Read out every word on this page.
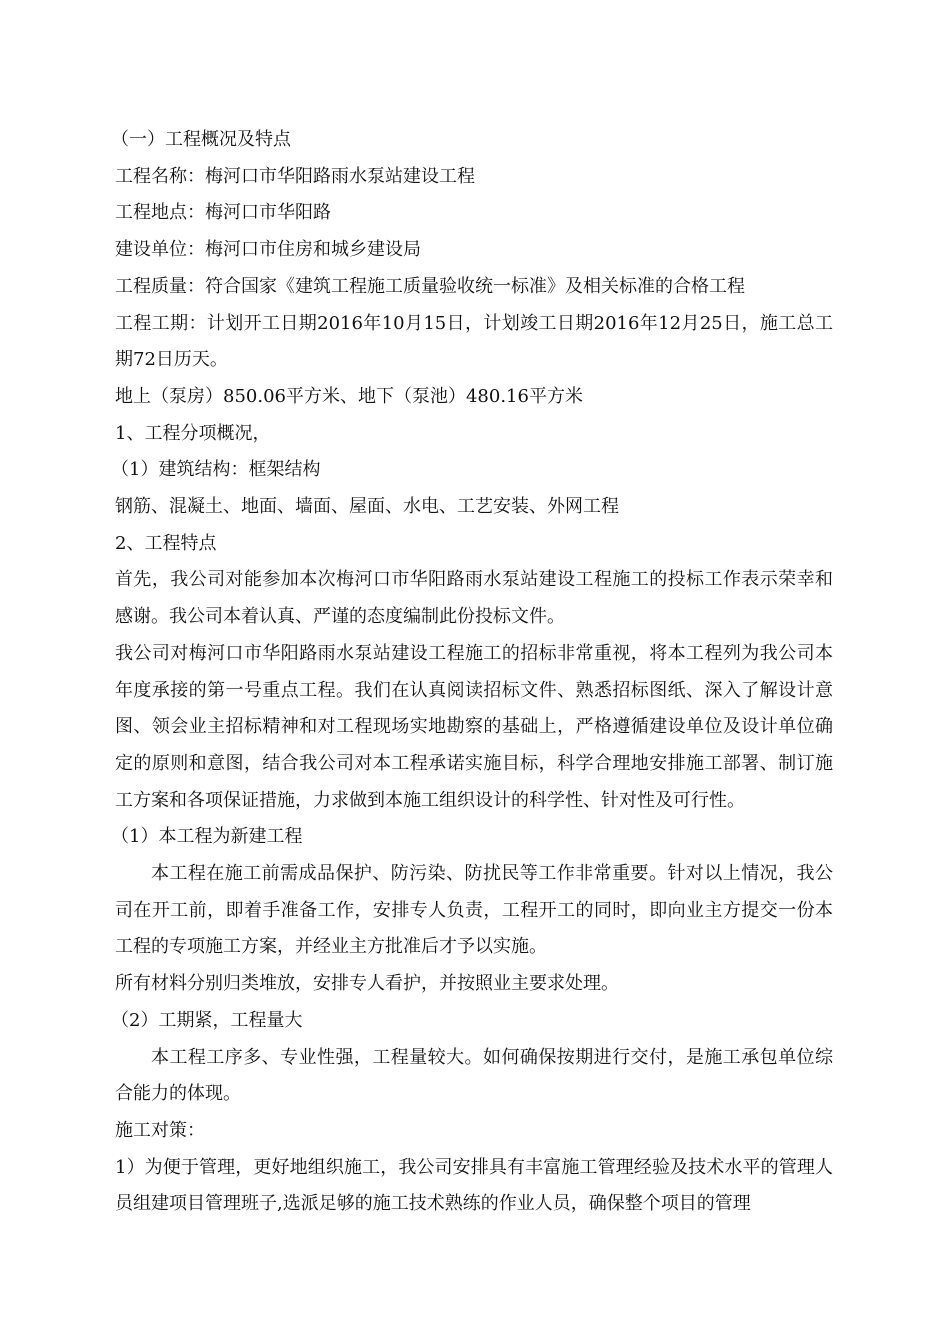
（一）工程概况及特点

工程名称：梅河口市华阳路雨水泵站建设工程

工程地点：梅河口市华阳路

建设单位：梅河口市住房和城乡建设局

工程质量：符合国家《建筑工程施工质量验收统一标准》及相关标准的合格工程

工程工期：计划开工日期2016年10月15日，计划竣工日期2016年12月25日，施工总工期72日历天。

地上（泵房）850.06平方米、地下（泵池）480.16平方米

1、工程分项概况，

（1）建筑结构：框架结构

钢筋、混凝土、地面、墙面、屋面、水电、工艺安装、外网工程

2、工程特点

首先，我公司对能参加本次梅河口市华阳路雨水泵站建设工程施工的投标工作表示荣幸和感谢。我公司本着认真、严谨的态度编制此份投标文件。

我公司对梅河口市华阳路雨水泵站建设工程施工的招标非常重视，将本工程列为我公司本年度承接的第一号重点工程。我们在认真阅读招标文件、熟悉招标图纸、深入了解设计意图、领会业主招标精神和对工程现场实地勘察的基础上，严格遵循建设单位及设计单位确定的原则和意图，结合我公司对本工程承诺实施目标，科学合理地安排施工部署、制订施工方案和各项保证措施，力求做到本施工组织设计的科学性、针对性及可行性。

（1）本工程为新建工程

本工程在施工前需成品保护、防污染、防扰民等工作非常重要。针对以上情况，我公司在开工前，即着手准备工作，安排专人负责，工程开工的同时，即向业主方提交一份本工程的专项施工方案，并经业主方批准后才予以实施。

所有材料分别归类堆放，安排专人看护，并按照业主要求处理。

（2）工期紧，工程量大

本工程工序多、专业性强，工程量较大。如何确保按期进行交付，是施工承包单位综合能力的体现。

施工对策：

1）为便于管理，更好地组织施工，我公司安排具有丰富施工管理经验及技术水平的管理人员组建项目管理班子,选派足够的施工技术熟练的作业人员，确保整个项目的管理
